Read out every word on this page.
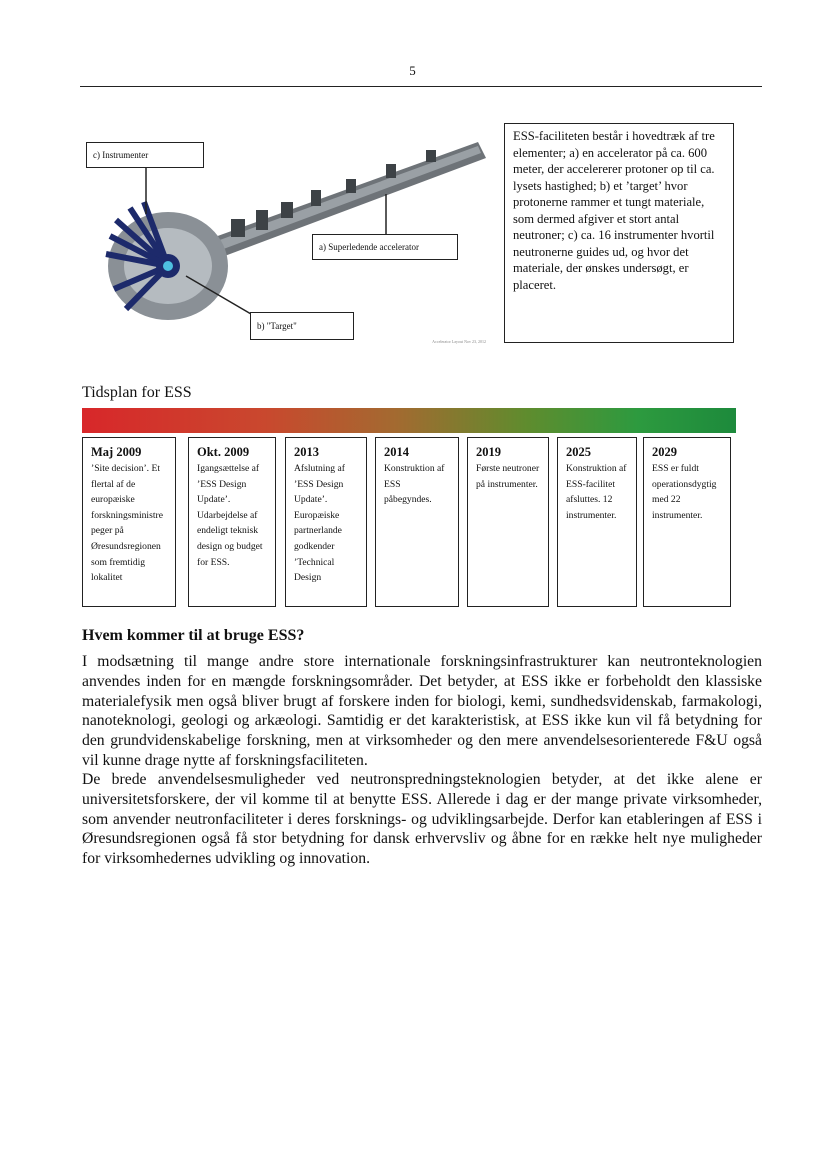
5
c) Instrumenter
a) Superledende accelerator
b) "Target"
Accelerator Layout Nov 23, 2012
ESS-faciliteten består i hovedtræk af tre elementer; a) en accelerator på ca. 600 meter, der accelererer protoner op til ca. lysets hastighed; b) et ’target’ hvor protonerne rammer et tungt materiale, som dermed afgiver et stort antal neutroner; c) ca. 16 instrumenter hvortil neutronerne guides ud, og hvor det materiale, der ønskes undersøgt, er placeret.
Tidsplan for ESS
Maj 2009
’Site decision’. Et flertal af de europæiske forskningsministre peger på Øresundsregionen som fremtidig lokalitet
Okt. 2009
Igangsættelse af ’ESS Design Update’. Udarbejdelse af endeligt teknisk design og budget for ESS.
2013
Afslutning af ’ESS Design Update’. Europæiske partnerlande godkender ’Technical Design
2014
Konstruktion af ESS påbegyndes.
2019
Første neutroner på instrumenter.
2025
Konstruktion af ESS-facilitet afsluttes. 12 instrumenter.
2029
ESS er fuldt operationsdygtig med 22 instrumenter.
Hvem kommer til at bruge ESS?

I modsætning til mange andre store internationale forskningsinfrastrukturer kan neutronteknologien anvendes inden for en mængde forskningsområder. Det betyder, at ESS ikke er forbeholdt den klassiske materialefysik men også bliver brugt af forskere inden for biologi, kemi, sundhedsvidenskab, farmakologi, nanoteknologi, geologi og arkæologi. Samtidig er det karakteristisk, at ESS ikke kun vil få betydning for den grundvidenskabelige forskning, men at virksomheder og den mere anvendelsesorienterede F&U også vil kunne drage nytte af forskningsfaciliteten.

De brede anvendelsesmuligheder ved neutronspredningsteknologien betyder, at det ikke alene er universitetsforskere, der vil komme til at benytte ESS. Allerede i dag er der mange private virksomheder, som anvender neutronfaciliteter i deres forsknings- og udviklingsarbejde. Derfor kan etableringen af ESS i Øresundsregionen også få stor betydning for dansk erhvervsliv og åbne for en række helt nye muligheder for virksomhedernes udvikling og innovation.
